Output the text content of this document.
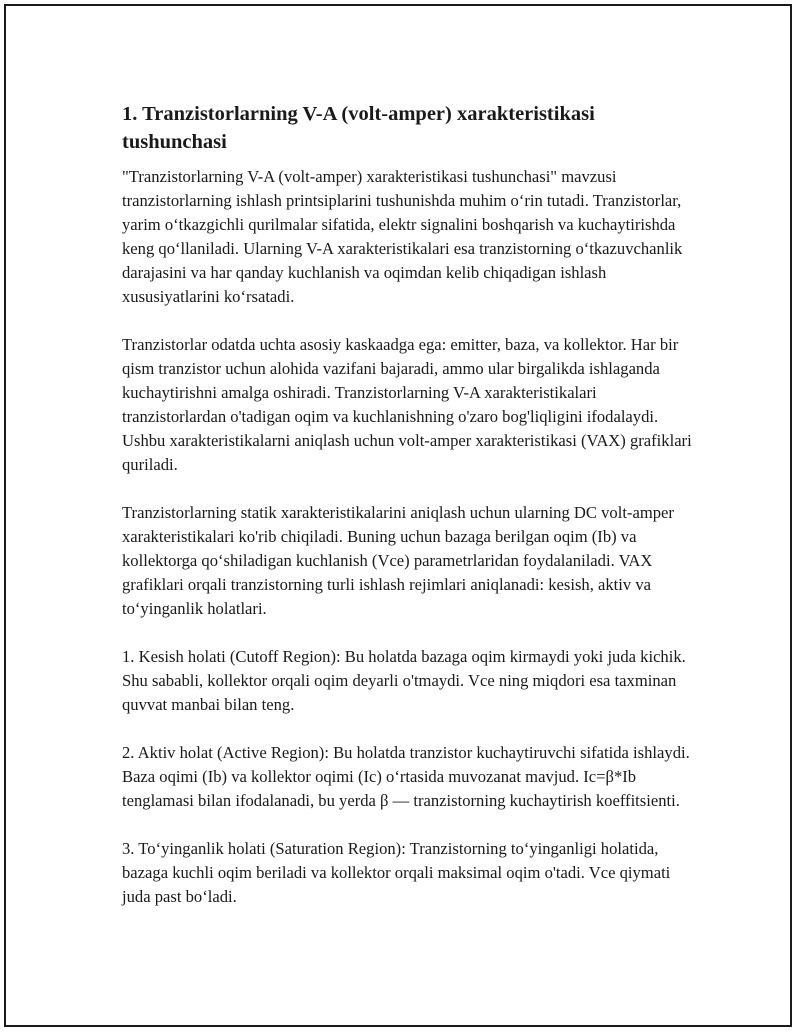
1. Tranzistorlarning V-A (volt-amper) xarakteristikasi tushunchasi

"Tranzistorlarning V-A (volt-amper) xarakteristikasi tushunchasi" mavzusi tranzistorlarning ishlash printsiplarini tushunishda muhim o‘rin tutadi. Tranzistorlar, yarim o‘tkazgichli qurilmalar sifatida, elektr signalini boshqarish va kuchaytirishda keng qo‘llaniladi. Ularning V-A xarakteristikalari esa tranzistorning o‘tkazuvchanlik darajasini va har qanday kuchlanish va oqimdan kelib chiqadigan ishlash xususiyatlarini ko‘rsatadi.

Tranzistorlar odatda uchta asosiy kaskaadga ega: emitter, baza, va kollektor. Har bir qism tranzistor uchun alohida vazifani bajaradi, ammo ular birgalikda ishlaganda kuchaytirishni amalga oshiradi. Tranzistorlarning V-A xarakteristikalari tranzistorlardan o'tadigan oqim va kuchlanishning o'zaro bog'liqligini ifodalaydi. Ushbu xarakteristikalarni aniqlash uchun volt-amper xarakteristikasi (VAX) grafiklari quriladi.

Tranzistorlarning statik xarakteristikalarini aniqlash uchun ularning DC volt-amper xarakteristikalari ko'rib chiqiladi. Buning uchun bazaga berilgan oqim (Ib) va kollektorga qo‘shiladigan kuchlanish (Vce) parametrlaridan foydalaniladi. VAX grafiklari orqali tranzistorning turli ishlash rejimlari aniqlanadi: kesish, aktiv va to‘yinganlik holatlari.

1. Kesish holati (Cutoff Region): Bu holatda bazaga oqim kirmaydi yoki juda kichik. Shu sababli, kollektor orqali oqim deyarli o'tmaydi. Vce ning miqdori esa taxminan quvvat manbai bilan teng.

2. Aktiv holat (Active Region): Bu holatda tranzistor kuchaytiruvchi sifatida ishlaydi. Baza oqimi (Ib) va kollektor oqimi (Ic) o‘rtasida muvozanat mavjud. Ic=β*Ib tenglamasi bilan ifodalanadi, bu yerda β — tranzistorning kuchaytirish koeffitsienti.

3. To‘yinganlik holati (Saturation Region): Tranzistorning to‘yinganligi holatida, bazaga kuchli oqim beriladi va kollektor orqali maksimal oqim o'tadi. Vce qiymati juda past bo‘ladi.
